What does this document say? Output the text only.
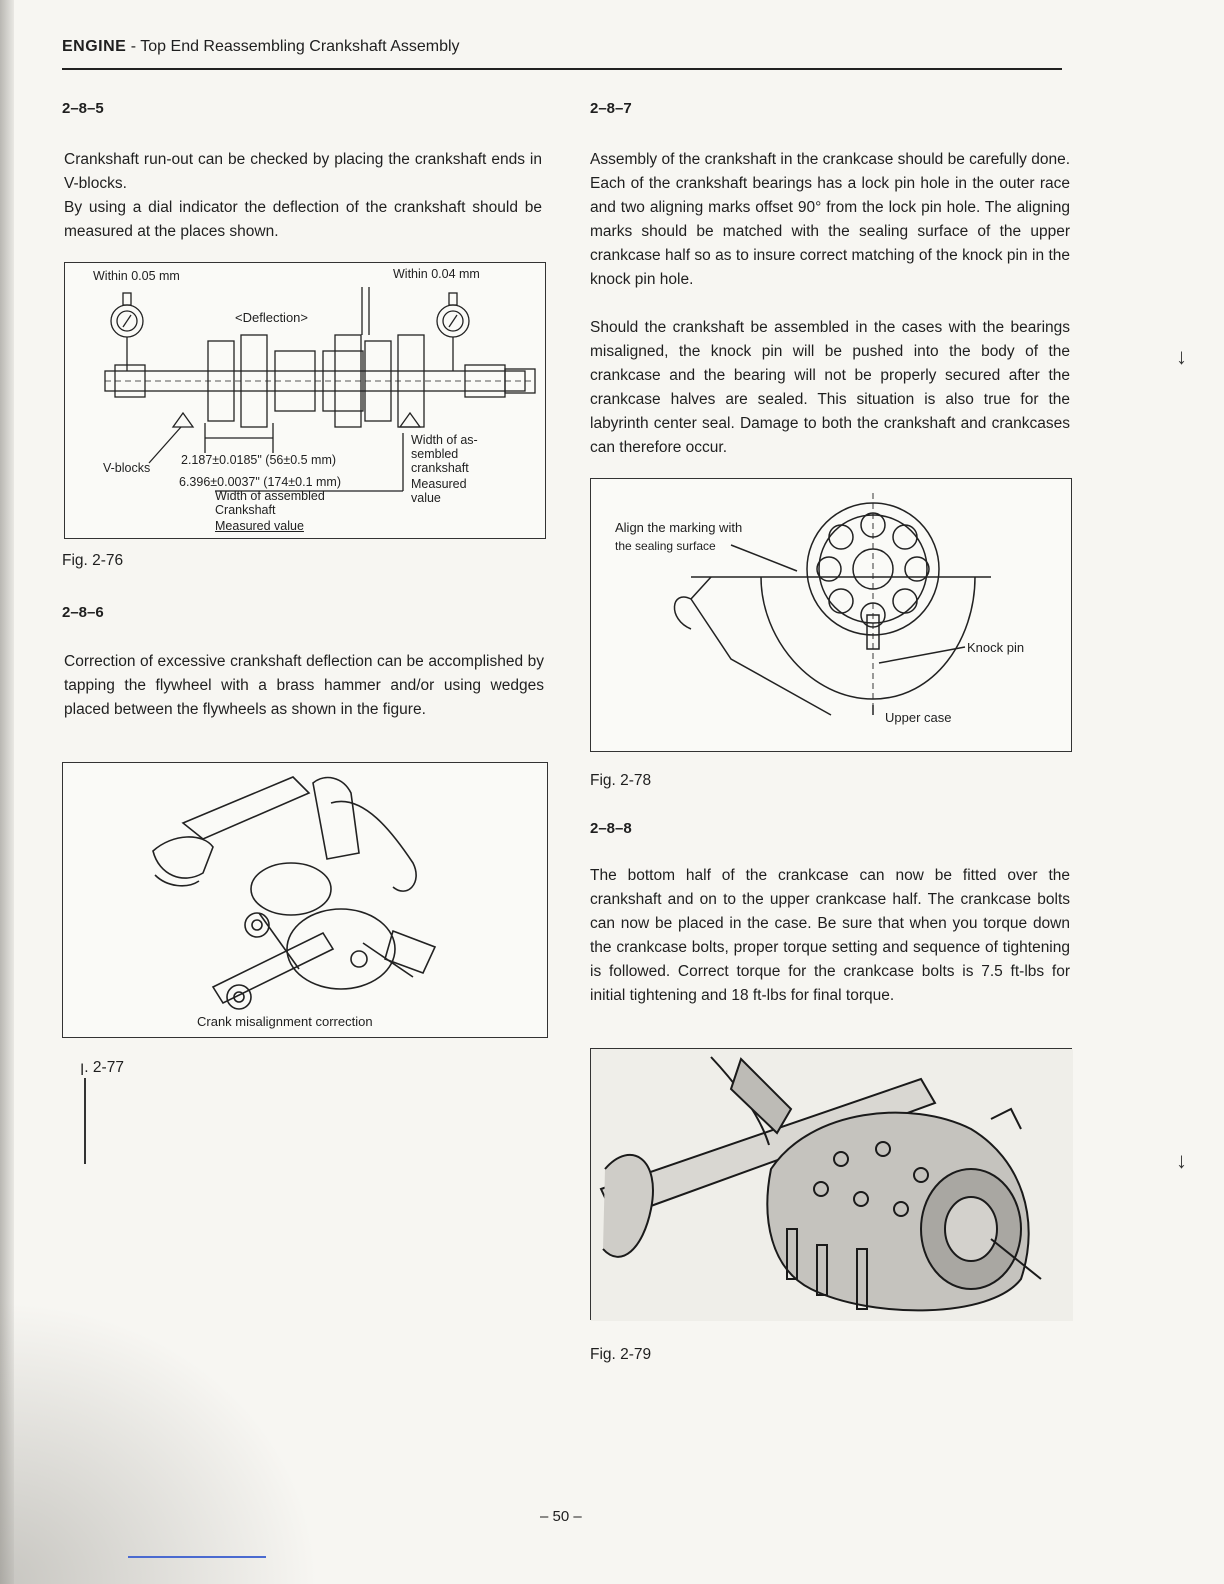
ENGINE - Top End Reassembling Crankshaft Assembly
2–8–5

Crankshaft run-out can be checked by placing the crankshaft ends in V-blocks.

By using a dial indicator the deflection of the crankshaft should be measured at the places shown.

Within 0.05 mm	Within 0.04 mm
<Deflection>
V-blocks
2.187±0.0185" (56±0.5 mm)
6.396±0.0037" (174±0.1 mm)
Width of assembled
Crankshaft
Measured value
Width of as-
sembled
crankshaft
Measured
value
Fig. 2-76
2–8–6

Correction of excessive crankshaft deflection can be accomplished by tapping the flywheel with a brass hammer and/or using wedges placed between the flywheels as shown in the figure.

Crank misalignment correction
ꞁ. 2-77
2–8–7

Assembly of the crankshaft in the crankcase should be carefully done. Each of the crankshaft bearings has a lock pin hole in the outer race and two aligning marks offset 90° from the lock pin hole. The aligning marks should be matched with the sealing surface of the upper crankcase half so as to insure correct matching of the knock pin in the knock pin hole.

Should the crankshaft be assembled in the cases with the bearings misaligned, the knock pin will be pushed into the body of the crankcase and the bearing will not be properly secured after the crankcase halves are sealed. This situation is also true for the labyrinth center seal. Damage to both the crankshaft and crankcases can therefore occur.

Align the marking with
the sealing surface
Knock pin
Upper case
Fig. 2-78
2–8–8

The bottom half of the crankcase can now be fitted over the crankshaft and on to the upper crankcase half. The crankcase bolts can now be placed in the case. Be sure that when you torque down the crankcase bolts, proper torque setting and sequence of tightening is followed. Correct torque for the crankcase bolts is 7.5 ft-lbs for initial tightening and 18 ft-lbs for final torque.

Fig. 2-79
– 50 –
↓
↓
